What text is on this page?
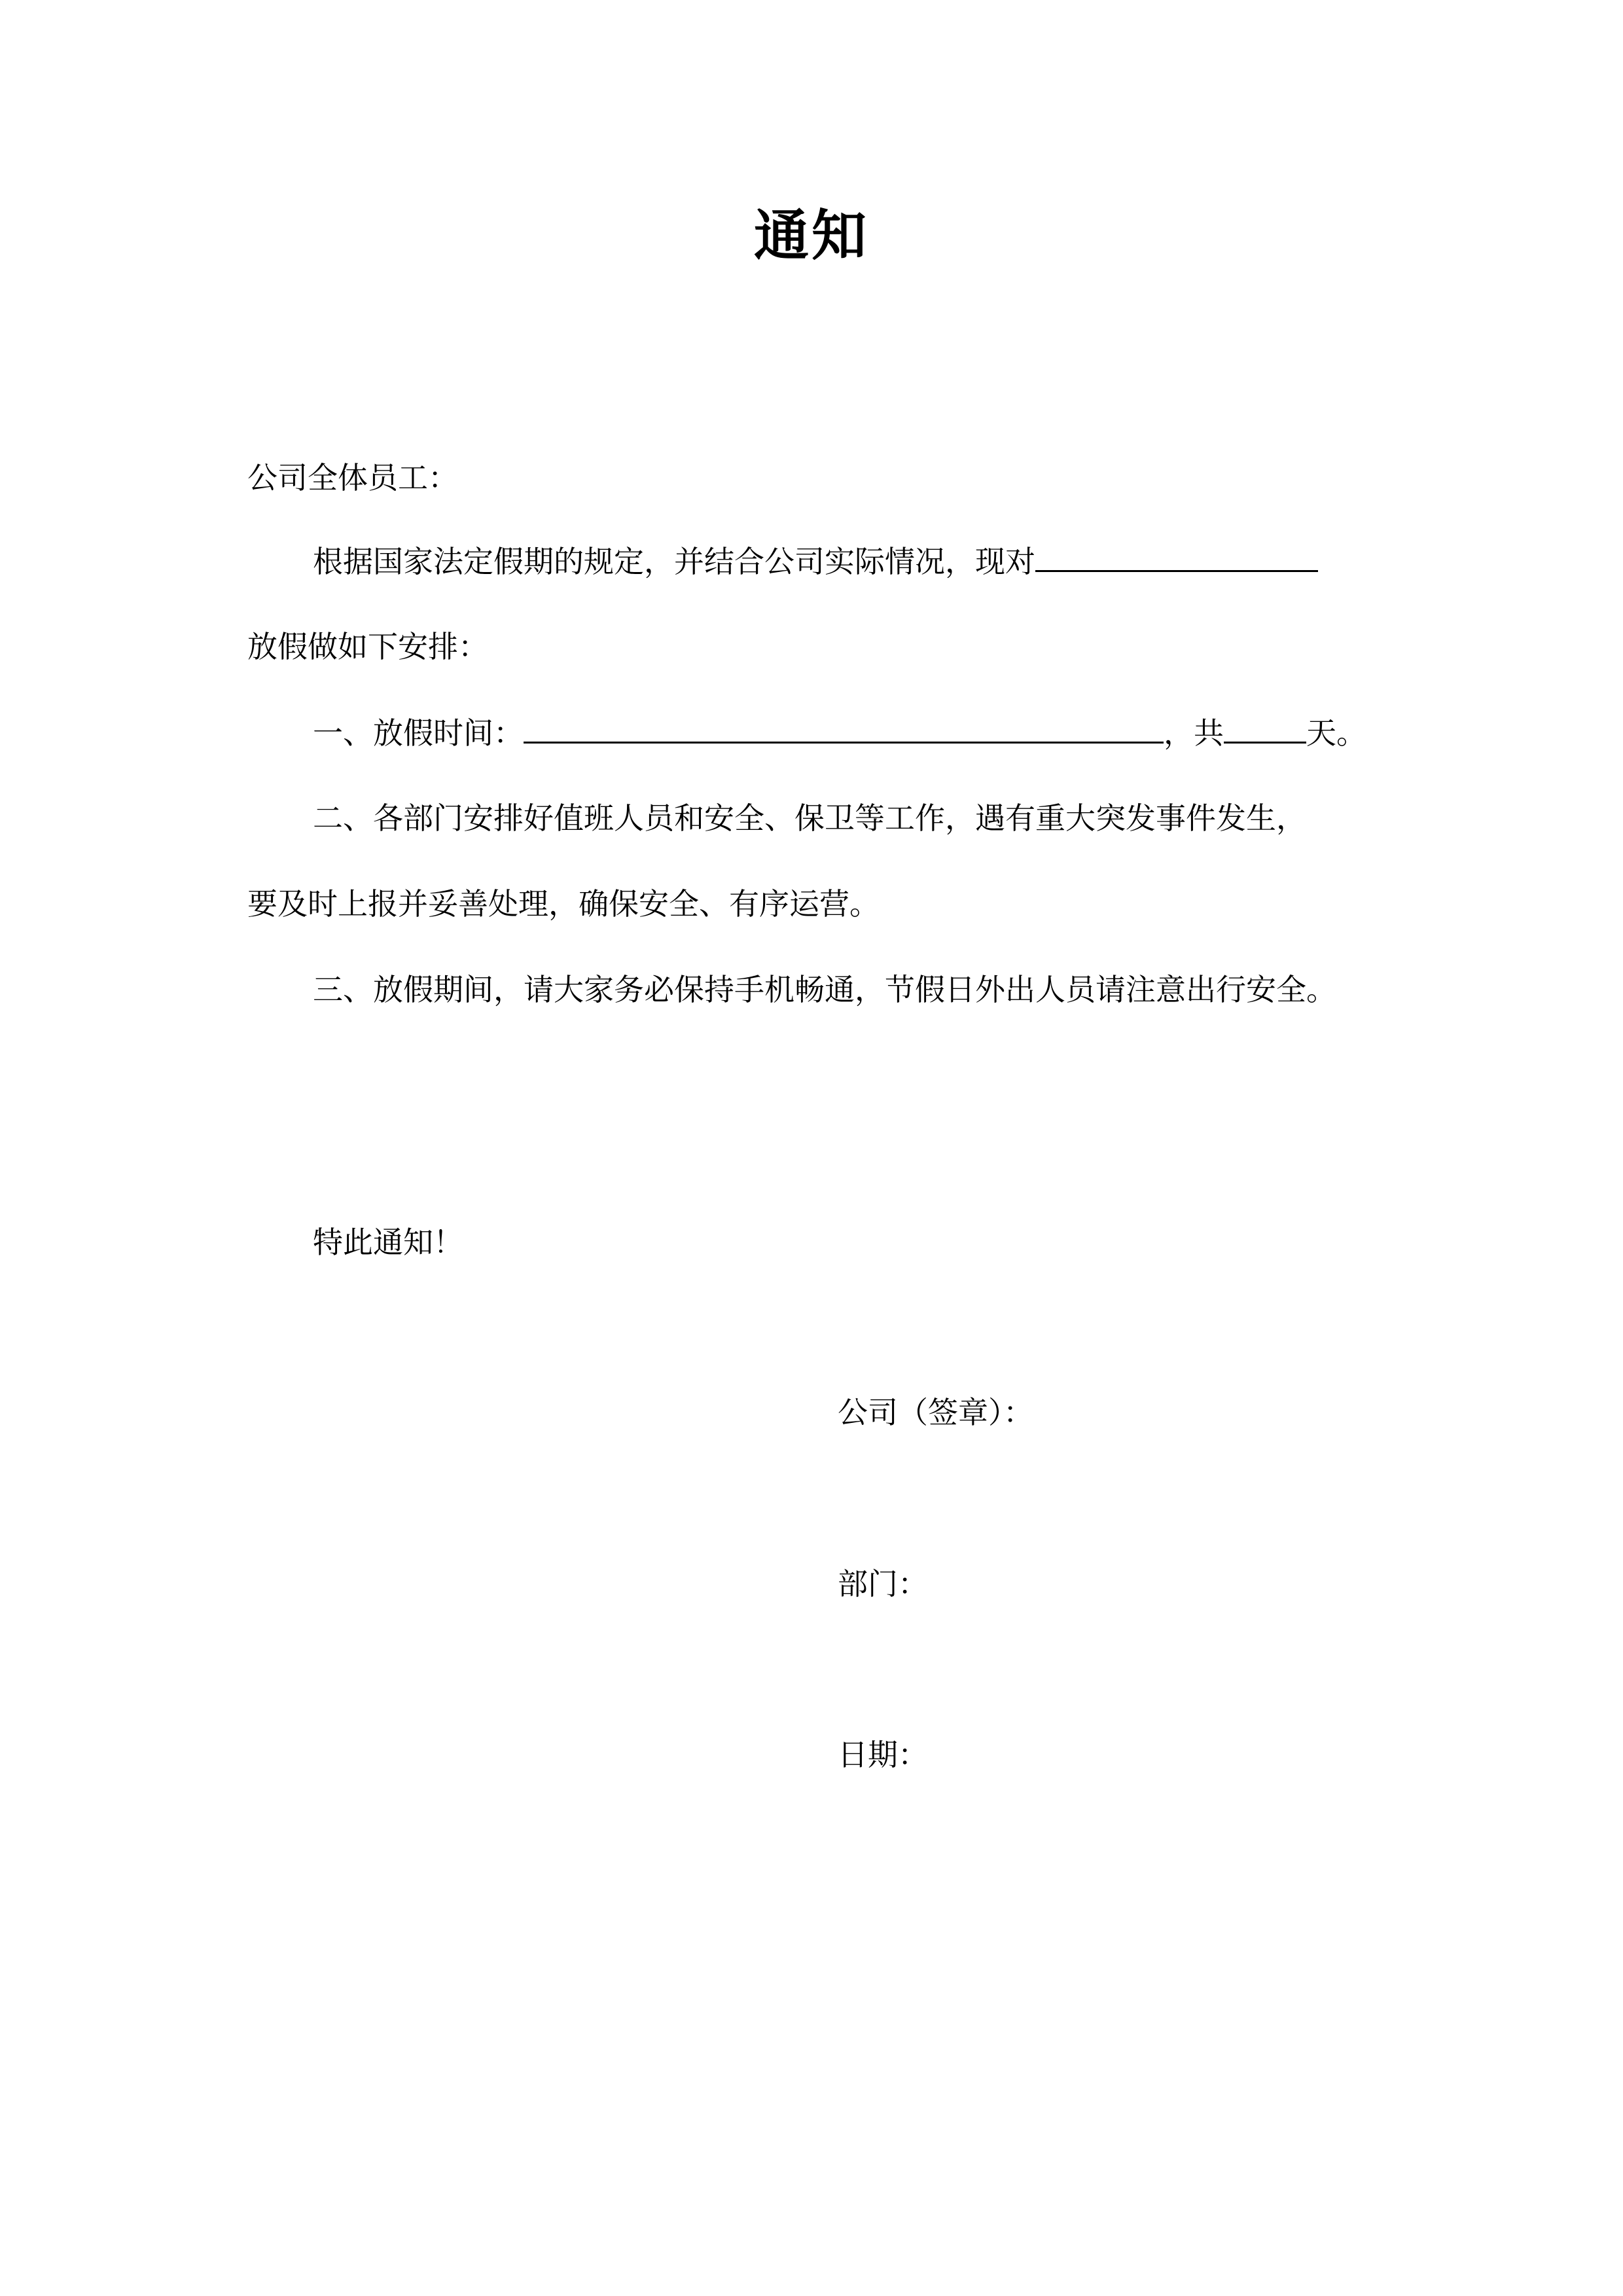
通知
公司全体员工：
根据国家法定假期的规定，并结合公司实际情况，现对
放假做如下安排：
一、放假时间：	，共	天。
二、各部门安排好值班人员和安全、保卫等工作，遇有重大突发事件发生，
要及时上报并妥善处理，确保安全、有序运营。
三、放假期间，请大家务必保持手机畅通，节假日外出人员请注意出行安全。
特此通知！
公司（签章）：
部门：
日期：
